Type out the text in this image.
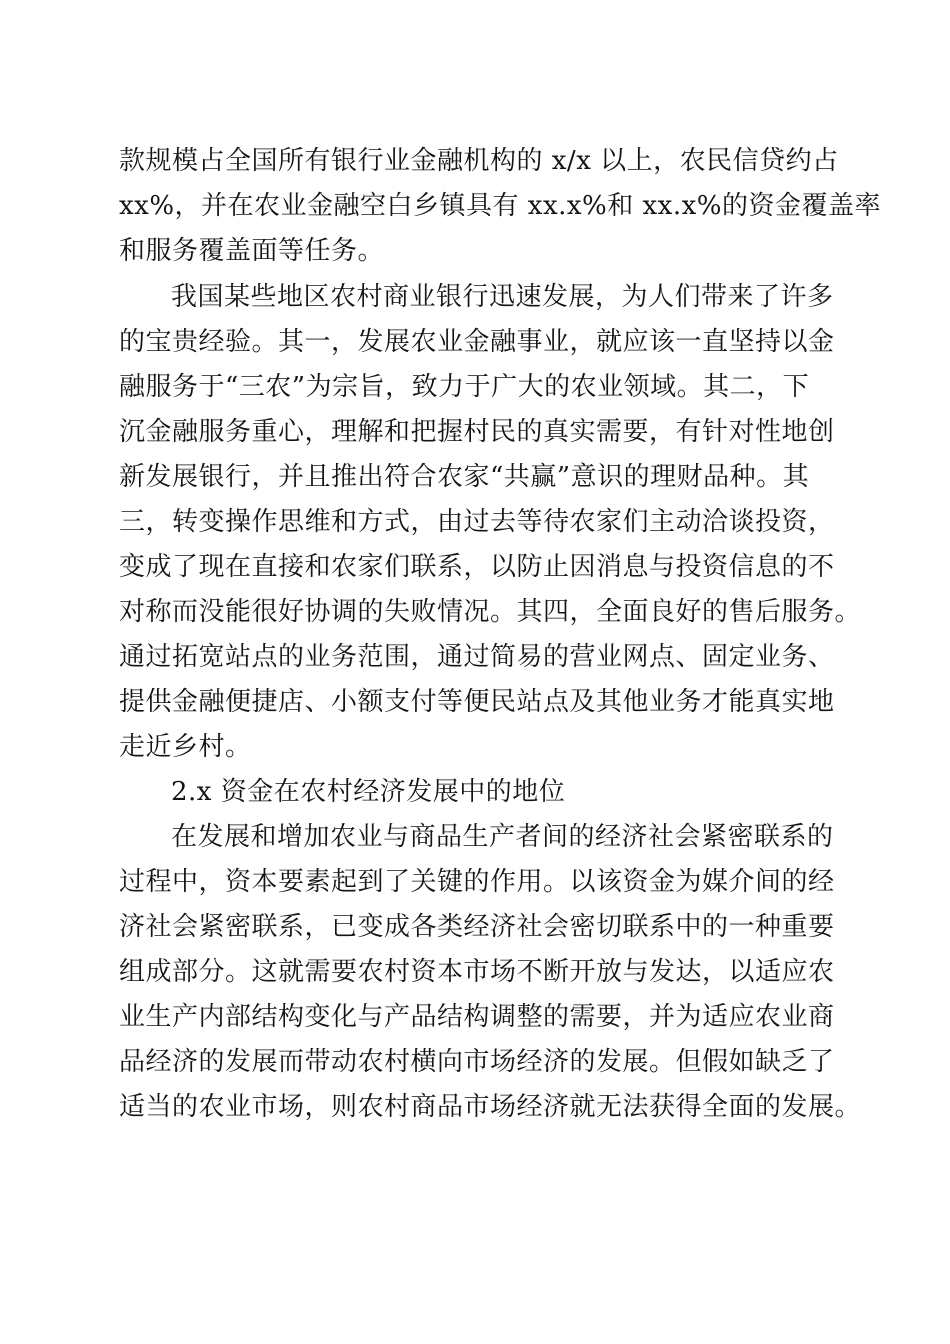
款规模占全国所有银行业金融机构的 x/x 以上，农民信贷约占
xx%，并在农业金融空白乡镇具有 xx.x%和 xx.x%的资金覆盖率
和服务覆盖面等任务。
我国某些地区农村商业银行迅速发展，为人们带来了许多
的宝贵经验。其一，发展农业金融事业，就应该一直坚持以金
融服务于“三农”为宗旨，致力于广大的农业领域。其二，下
沉金融服务重心，理解和把握村民的真实需要，有针对性地创
新发展银行，并且推出符合农家“共赢”意识的理财品种。其
三，转变操作思维和方式，由过去等待农家们主动洽谈投资，
变成了现在直接和农家们联系，以防止因消息与投资信息的不
对称而没能很好协调的失败情况。其四，全面良好的售后服务。
通过拓宽站点的业务范围，通过简易的营业网点、固定业务、
提供金融便捷店、小额支付等便民站点及其他业务才能真实地
走近乡村。
2.x 资金在农村经济发展中的地位
在发展和增加农业与商品生产者间的经济社会紧密联系的
过程中，资本要素起到了关键的作用。以该资金为媒介间的经
济社会紧密联系，已变成各类经济社会密切联系中的一种重要
组成部分。这就需要农村资本市场不断开放与发达，以适应农
业生产内部结构变化与产品结构调整的需要，并为适应农业商
品经济的发展而带动农村横向市场经济的发展。但假如缺乏了
适当的农业市场，则农村商品市场经济就无法获得全面的发展。
